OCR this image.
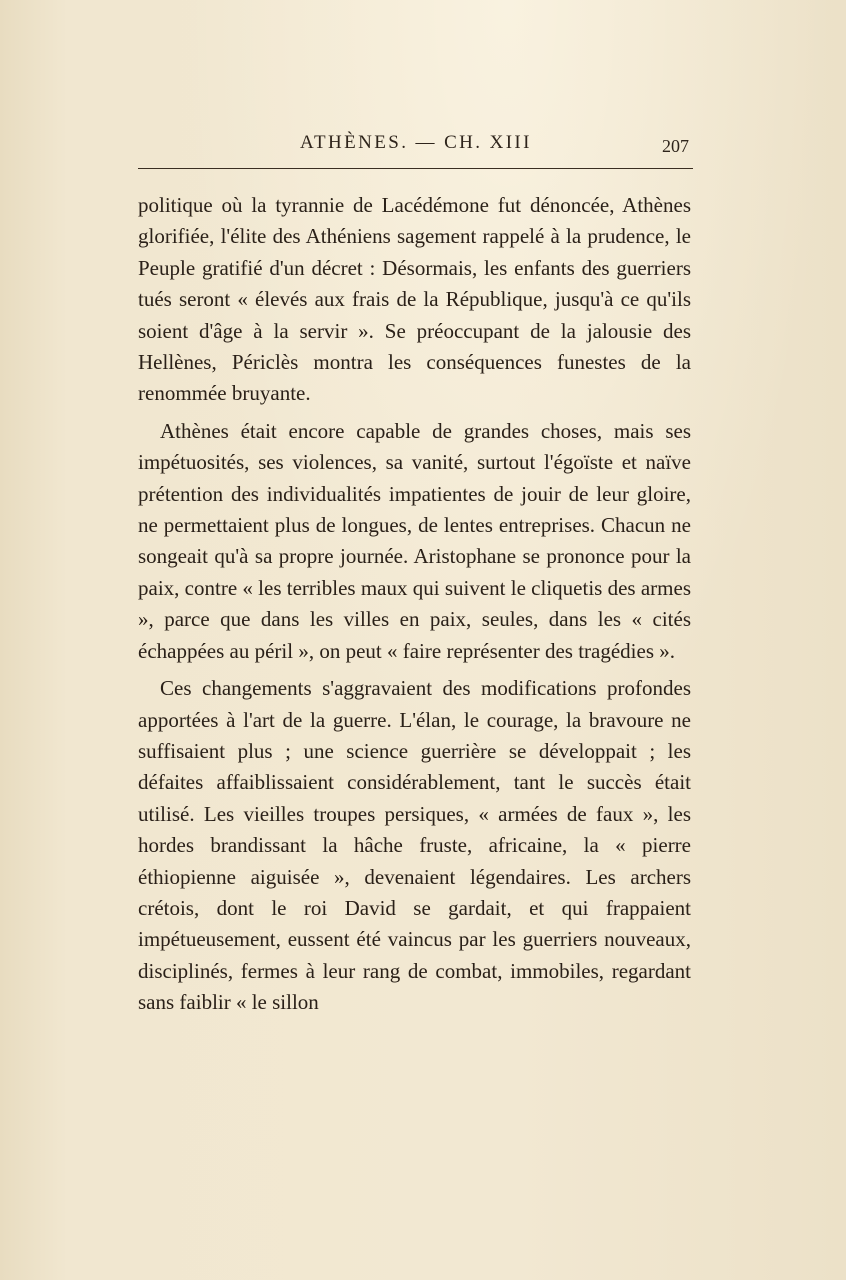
ATHÈNES. — CH. XIII	207

politique où la tyrannie de Lacédémone fut dénoncée, Athènes glorifiée, l'élite des Athéniens sagement rappelé à la prudence, le Peuple gratifié d'un décret : Désormais, les enfants des guerriers tués seront « élevés aux frais de la République, jusqu'à ce qu'ils soient d'âge à la servir ». Se préoccupant de la jalousie des Hellènes, Périclès montra les conséquences funestes de la renommée bruyante.

Athènes était encore capable de grandes choses, mais ses impétuosités, ses violences, sa vanité, surtout l'égoïste et naïve prétention des individualités impatientes de jouir de leur gloire, ne permettaient plus de longues, de lentes entreprises. Chacun ne songeait qu'à sa propre journée. Aristophane se prononce pour la paix, contre « les terribles maux qui suivent le cliquetis des armes », parce que dans les villes en paix, seules, dans les « cités échappées au péril », on peut « faire représenter des tragédies ».

Ces changements s'aggravaient des modifications profondes apportées à l'art de la guerre. L'élan, le courage, la bravoure ne suffisaient plus ; une science guerrière se développait ; les défaites affaiblissaient considérablement, tant le succès était utilisé. Les vieilles troupes persiques, « armées de faux », les hordes brandissant la hâche fruste, africaine, la « pierre éthiopienne aiguisée », devenaient légendaires. Les archers crétois, dont le roi David se gardait, et qui frappaient impétueusement, eussent été vaincus par les guerriers nouveaux, disciplinés, fermes à leur rang de combat, immobiles, regardant sans faiblir « le sillon
